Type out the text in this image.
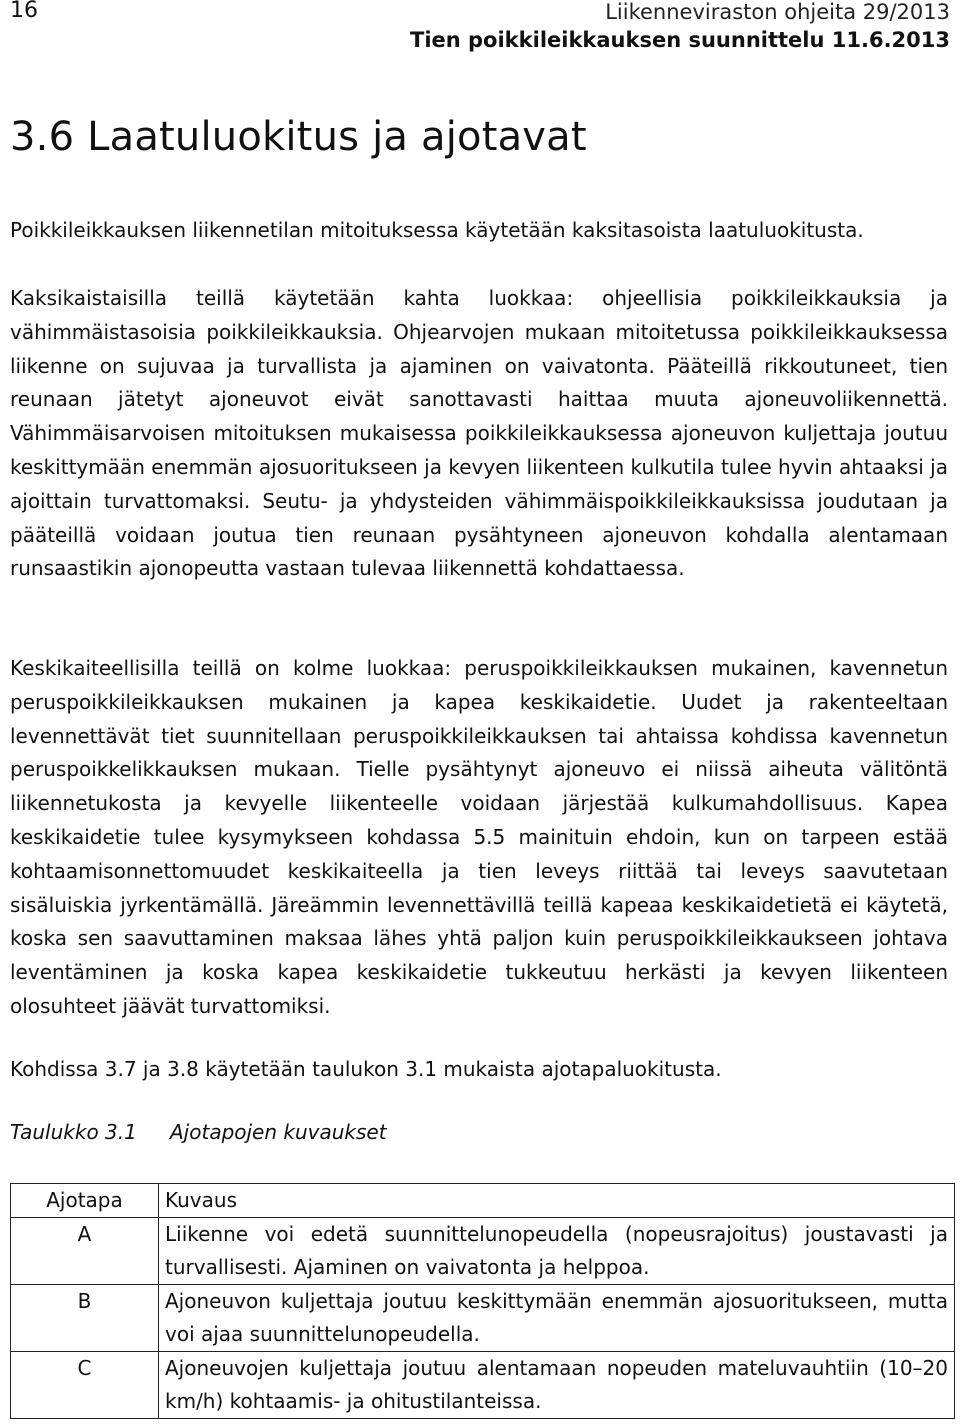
16	Liikenneviraston ohjeita 29/2013
Tien poikkileikkauksen suunnittelu 11.6.2013
3.6 Laatuluokitus ja ajotavat

Poikkileikkauksen liikennetilan mitoituksessa käytetään kaksitasoista laatuluokitusta.

Kaksikaistaisilla teillä käytetään kahta luokkaa: ohjeellisia poikkileikkauksia ja vähimmäistasoisia poikkileikkauksia. Ohjearvojen mukaan mitoitetussa poikkileikkauksessa liikenne on sujuvaa ja turvallista ja ajaminen on vaivatonta. Pääteillä rikkoutuneet, tien reunaan jätetyt ajoneuvot eivät sanottavasti haittaa muuta ajoneuvoliikennettä. Vähimmäisarvoisen mitoituksen mukaisessa poikkileikkauksessa ajoneuvon kuljettaja joutuu keskittymään enemmän ajosuoritukseen ja kevyen liikenteen kulkutila tulee hyvin ahtaaksi ja ajoittain turvattomaksi. Seutu- ja yhdysteiden vähimmäispoikkileikkauksissa joudutaan ja pääteillä voidaan joutua tien reunaan pysähtyneen ajoneuvon kohdalla alentamaan runsaastikin ajonopeutta vastaan tulevaa liikennettä kohdattaessa.

Keskikaiteellisilla teillä on kolme luokkaa: peruspoikkileikkauksen mukainen, kavennetun peruspoikkileikkauksen mukainen ja kapea keskikaidetie. Uudet ja rakenteeltaan levennettävät tiet suunnitellaan peruspoikkileikkauksen tai ahtaissa kohdissa kavennetun peruspoikkelikkauksen mukaan. Tielle pysähtynyt ajoneuvo ei niissä aiheuta välitöntä liikennetukosta ja kevyelle liikenteelle voidaan järjestää kulkumahdollisuus. Kapea keskikaidetie tulee kysymykseen kohdassa 5.5 mainituin ehdoin, kun on tarpeen estää kohtaamisonnettomuudet keskikaiteella ja tien leveys riittää tai leveys saavutetaan sisäluiskia jyrkentämällä. Järeämmin levennettävillä teillä kapeaa keskikaidetietä ei käytetä, koska sen saavuttaminen maksaa lähes yhtä paljon kuin peruspoikkileikkaukseen johtava leventäminen ja koska kapea keskikaidetie tukkeutuu herkästi ja kevyen liikenteen olosuhteet jäävät turvattomiksi.

Kohdissa 3.7 ja 3.8 käytetään taulukon 3.1 mukaista ajotapaluokitusta.

Taulukko 3.1 Ajotapojen kuvaukset
Ajotapa	Kuvaus
A	Liikenne voi edetä suunnittelunopeudella (nopeusrajoitus) joustavasti ja turvallisesti. Ajaminen on vaivatonta ja helppoa.
B	Ajoneuvon kuljettaja joutuu keskittymään enemmän ajosuoritukseen, mutta voi ajaa suunnittelunopeudella.
C	Ajoneuvojen kuljettaja joutuu alentamaan nopeuden mateluvauhtiin (10–20 km/h) kohtaamis- ja ohitustilanteissa.
